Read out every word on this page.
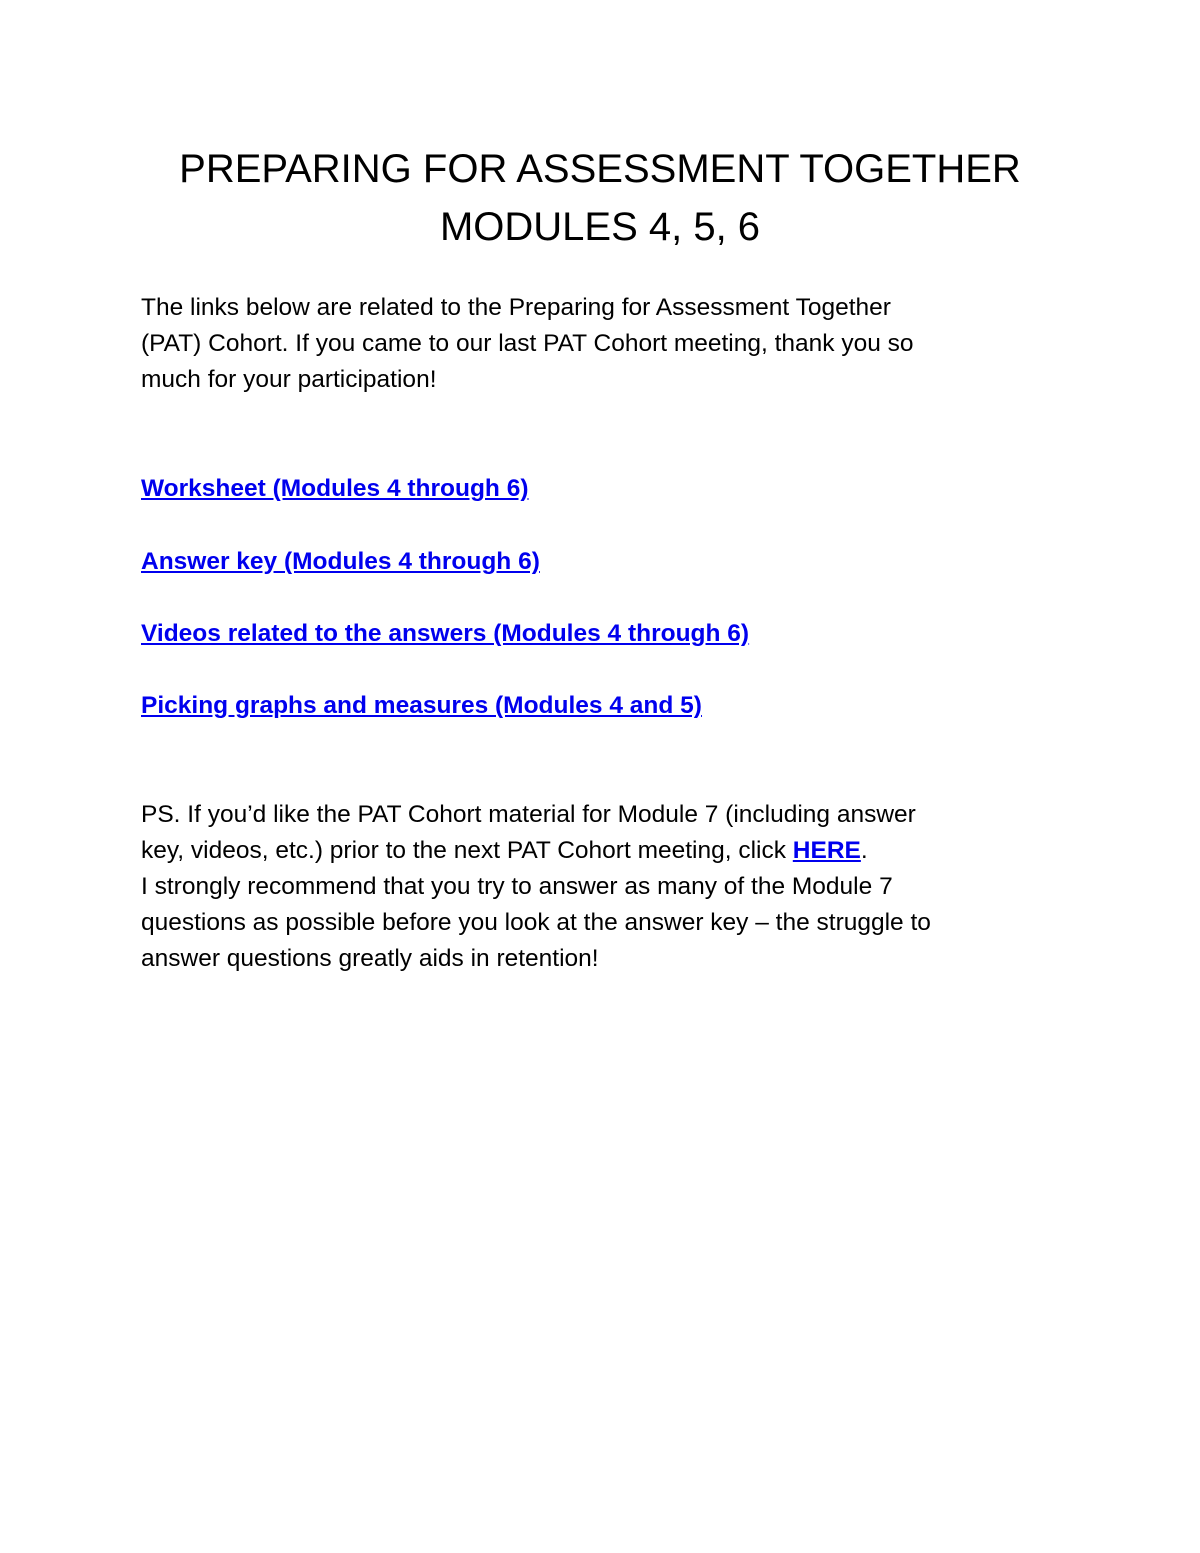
PREPARING FOR ASSESSMENT TOGETHER
MODULES 4, 5, 6
The links below are related to the Preparing for Assessment Together
(PAT) Cohort. If you came to our last PAT Cohort meeting, thank you so
much for your participation!
Worksheet (Modules 4 through 6)
Answer key (Modules 4 through 6)
Videos related to the answers (Modules 4 through 6)
Picking graphs and measures (Modules 4 and 5)
PS. If you’d like the PAT Cohort material for Module 7 (including answer
key, videos, etc.) prior to the next PAT Cohort meeting, click HERE.
I strongly recommend that you try to answer as many of the Module 7
questions as possible before you look at the answer key – the struggle to
answer questions greatly aids in retention!
